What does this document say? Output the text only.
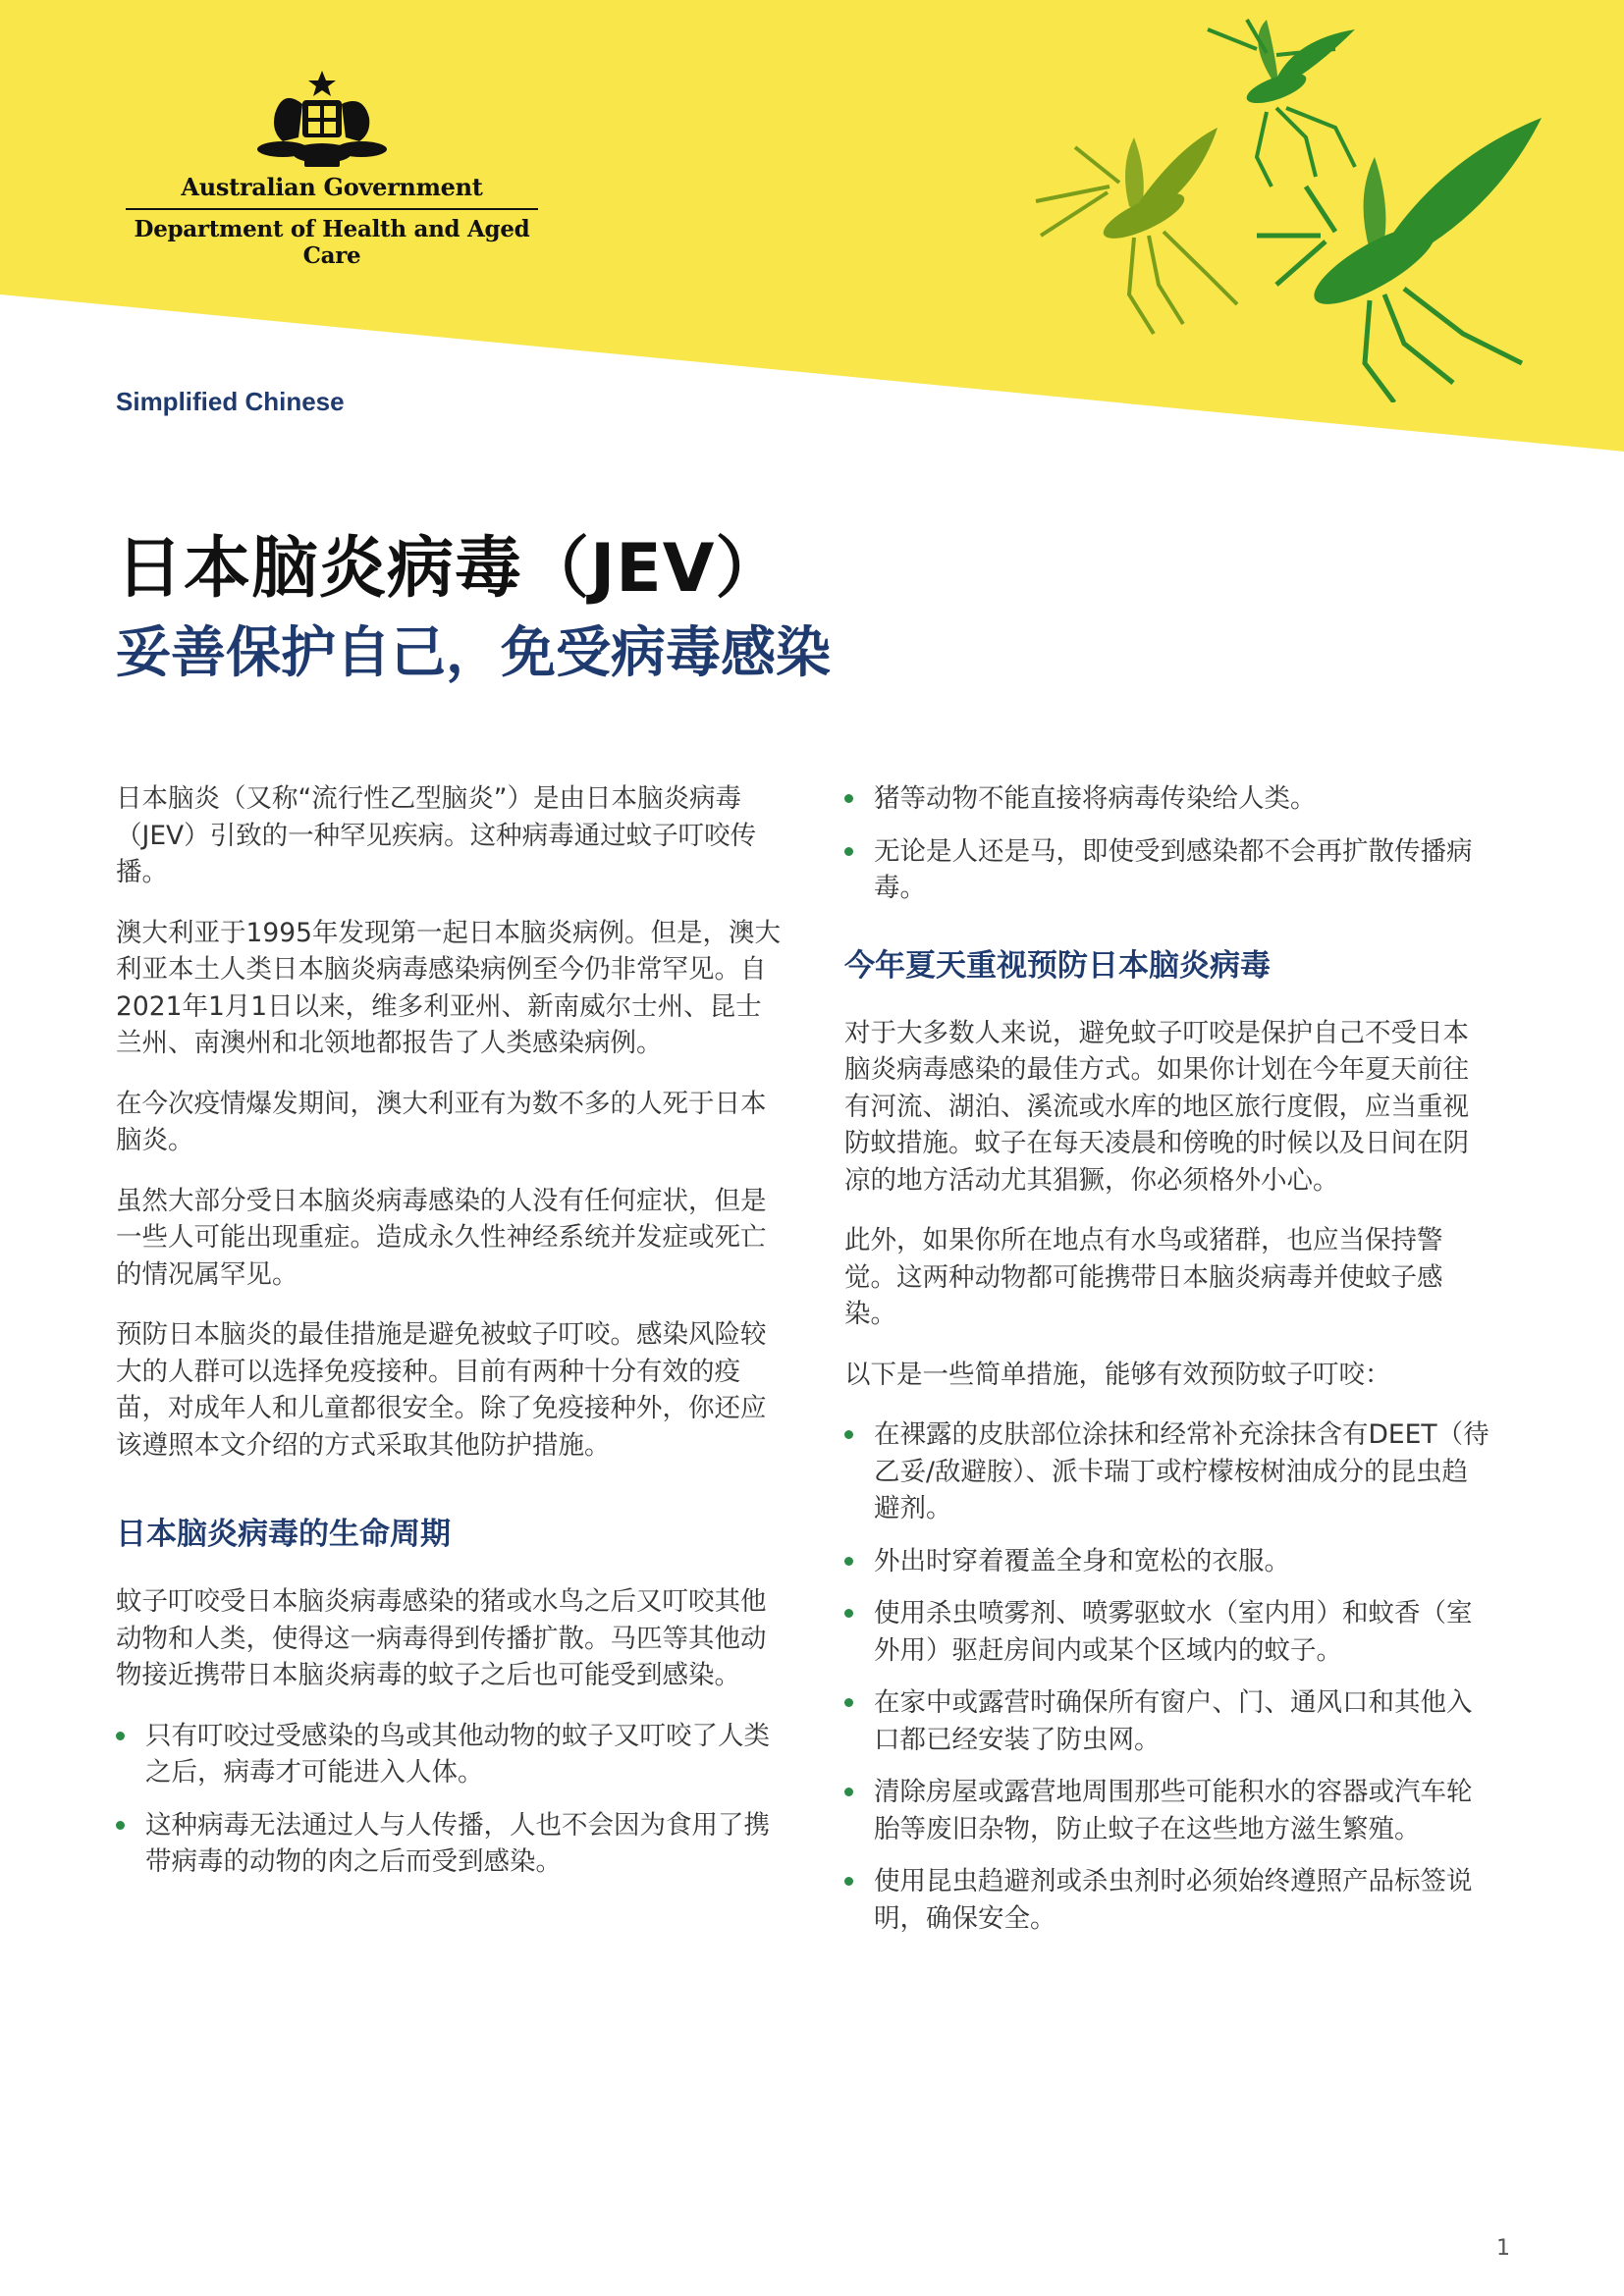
Australian Government
Department of Health and Aged Care
Simplified Chinese
日本脑炎病毒（JEV）
妥善保护自己，免受病毒感染

日本脑炎（又称“流行性乙型脑炎”）是由日本脑炎病毒（JEV）引致的一种罕见疾病。这种病毒通过蚊子叮咬传播。

澳大利亚于1995年发现第一起日本脑炎病例。但是，澳大利亚本土人类日本脑炎病毒感染病例至今仍非常罕见。自2021年1月1日以来，维多利亚州、新南威尔士州、昆士兰州、南澳州和北领地都报告了人类感染病例。

在今次疫情爆发期间，澳大利亚有为数不多的人死于日本脑炎。

虽然大部分受日本脑炎病毒感染的人没有任何症状，但是一些人可能出现重症。造成永久性神经系统并发症或死亡的情况属罕见。

预防日本脑炎的最佳措施是避免被蚊子叮咬。感染风险较大的人群可以选择免疫接种。目前有两种十分有效的疫苗，对成年人和儿童都很安全。除了免疫接种外，你还应该遵照本文介绍的方式采取其他防护措施。

日本脑炎病毒的生命周期

蚊子叮咬受日本脑炎病毒感染的猪或水鸟之后又叮咬其他动物和人类，使得这一病毒得到传播扩散。马匹等其他动物接近携带日本脑炎病毒的蚊子之后也可能受到感染。

只有叮咬过受感染的鸟或其他动物的蚊子又叮咬了人类之后，病毒才可能进入人体。
这种病毒无法通过人与人传播，人也不会因为食用了携带病毒的动物的肉之后而受到感染。
猪等动物不能直接将病毒传染给人类。
无论是人还是马，即使受到感染都不会再扩散传播病毒。
今年夏天重视预防日本脑炎病毒

对于大多数人来说，避免蚊子叮咬是保护自己不受日本脑炎病毒感染的最佳方式。如果你计划在今年夏天前往有河流、湖泊、溪流或水库的地区旅行度假，应当重视防蚊措施。蚊子在每天凌晨和傍晚的时候以及日间在阴凉的地方活动尤其猖獗，你必须格外小心。

此外，如果你所在地点有水鸟或猪群，也应当保持警觉。这两种动物都可能携带日本脑炎病毒并使蚊子感染。

以下是一些简单措施，能够有效预防蚊子叮咬：

在裸露的皮肤部位涂抹和经常补充涂抹含有DEET（待乙妥/敌避胺）、派卡瑞丁或柠檬桉树油成分的昆虫趋避剂。
外出时穿着覆盖全身和宽松的衣服。
使用杀虫喷雾剂、喷雾驱蚊水（室内用）和蚊香（室外用）驱赶房间内或某个区域内的蚊子。
在家中或露营时确保所有窗户、门、通风口和其他入口都已经安装了防虫网。
清除房屋或露营地周围那些可能积水的容器或汽车轮胎等废旧杂物，防止蚊子在这些地方滋生繁殖。
使用昆虫趋避剂或杀虫剂时必须始终遵照产品标签说明，确保安全。
1
